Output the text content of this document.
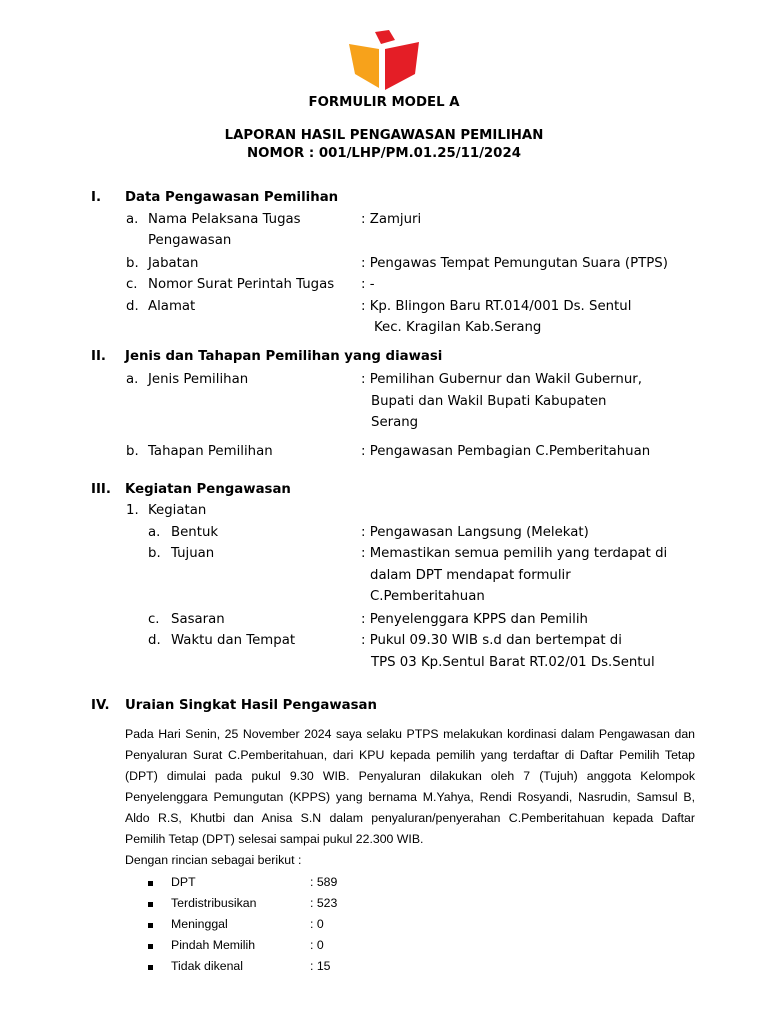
FORMULIR MODEL A
LAPORAN HASIL PENGAWASAN PEMILIHAN
NOMOR : 001/LHP/PM.01.25/11/2024
I. Data Pengawasan Pemilihan
a. Nama Pelaksana Tugas
Pengawasan
: Zamjuri
b. Jabatan	: Pengawas Tempat Pemungutan Suara (PTPS)
c. Nomor Surat Perintah Tugas : -
d. Alamat	: Kp. Blingon Baru RT.014/001 Ds. Sentul
Kec. Kragilan Kab.Serang
II. Jenis dan Tahapan Pemilihan yang diawasi
a. Jenis Pemilihan	: Pemilihan Gubernur dan Wakil Gubernur,
Bupati dan Wakil Bupati Kabupaten
Serang
b. Tahapan Pemilihan	: Pengawasan Pembagian C.Pemberitahuan
III. Kegiatan Pengawasan
1. Kegiatan
a. Bentuk	: Pengawasan Langsung (Melekat)
b. Tujuan	: Memastikan semua pemilih yang terdapat di
dalam DPT mendapat formulir
C.Pemberitahuan
c. Sasaran	: Penyelenggara KPPS dan Pemilih
d. Waktu dan Tempat	: Pukul 09.30 WIB s.d dan bertempat di
TPS 03 Kp.Sentul Barat RT.02/01 Ds.Sentul
IV. Uraian Singkat Hasil Pengawasan
Pada Hari Senin, 25 November 2024 saya selaku PTPS melakukan kordinasi dalam Pengawasan dan
Penyaluran Surat C.Pemberitahuan, dari KPU kepada pemilih yang terdaftar di Daftar Pemilih Tetap
(DPT) dimulai pada pukul 9.30 WIB. Penyaluran dilakukan oleh 7 (Tujuh) anggota Kelompok
Penyelenggara Pemungutan (KPPS) yang bernama M.Yahya, Rendi Rosyandi, Nasrudin, Samsul B,
Aldo R.S, Khutbi dan Anisa S.N dalam penyaluran/penyerahan C.Pemberitahuan kepada Daftar
Pemilih Tetap (DPT) selesai sampai pukul 22.300 WIB.
Dengan rincian sebagai berikut :
DPT	: 589
Terdistribusikan	: 523
Meninggal	: 0
Pindah Memilih	: 0
Tidak dikenal	: 15
